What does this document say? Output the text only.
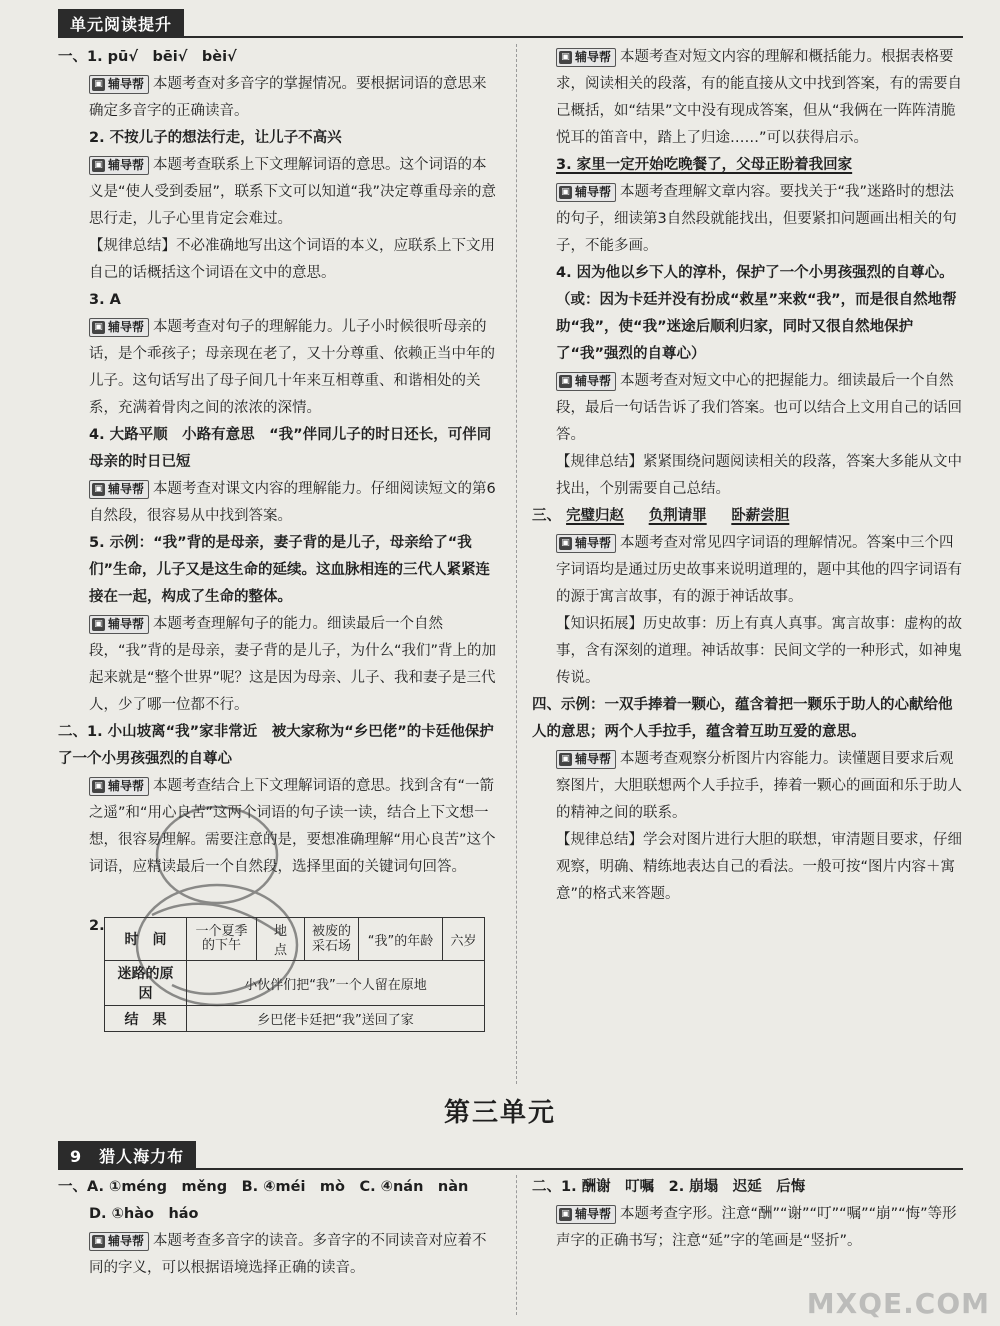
单元阅读提升

一、1. pū√　bēi√　bèi√

▣ 辅导帮 本题考查对多音字的掌握情况。要根据词语的意思来确定多音字的正确读音。

2. 不按儿子的想法行走，让儿子不高兴

▣ 辅导帮 本题考查联系上下文理解词语的意思。这个词语的本义是“使人受到委屈”，联系下文可以知道“我”决定尊重母亲的意思行走，儿子心里肯定会难过。

【规律总结】不必准确地写出这个词语的本义，应联系上下文用自己的话概括这个词语在文中的意思。

3. A

▣ 辅导帮 本题考查对句子的理解能力。儿子小时候很听母亲的话，是个乖孩子；母亲现在老了，又十分尊重、依赖正当中年的儿子。这句话写出了母子间几十年来互相尊重、和谐相处的关系，充满着骨肉之间的浓浓的深情。

4. 大路平顺　小路有意思　“我”伴同儿子的时日还长，可伴同母亲的时日已短

▣ 辅导帮 本题考查对课文内容的理解能力。仔细阅读短文的第6自然段，很容易从中找到答案。

5. 示例：“我”背的是母亲，妻子背的是儿子，母亲给了“我们”生命，儿子又是这生命的延续。这血脉相连的三代人紧紧连接在一起，构成了生命的整体。

▣ 辅导帮 本题考查理解句子的能力。细读最后一个自然段，“我”背的是母亲，妻子背的是儿子，为什么“我们”背上的加起来就是“整个世界”呢？这是因为母亲、儿子、我和妻子是三代人，少了哪一位都不行。

二、1. 小山坡离“我”家非常近　被大家称为“乡巴佬”的卡廷他保护了一个小男孩强烈的自尊心

▣ 辅导帮 本题考查结合上下文理解词语的意思。找到含有“一箭之遥”和“用心良苦”这两个词语的句子读一读，结合上下文想一想，很容易理解。需要注意的是，要想准确理解“用心良苦”这个词语，应精读最后一个自然段，选择里面的关键词句回答。

2.
时　间	一个夏季的下午	地　点	被废的采石场	“我”的年龄	六岁
迷路的原因	小伙伴们把“我”一个人留在原地				
结　果	乡巴佬卡廷把“我”送回了家				

▣ 辅导帮 本题考查对短文内容的理解和概括能力。根据表格要求，阅读相关的段落，有的能直接从文中找到答案，有的需要自己概括，如“结果”文中没有现成答案，但从“我俩在一阵阵清脆悦耳的笛音中，踏上了归途……”可以获得启示。

3. 家里一定开始吃晚餐了，父母正盼着我回家

▣ 辅导帮 本题考查理解文章内容。要找关于“我”迷路时的想法的句子，细读第3自然段就能找出，但要紧扣问题画出相关的句子，不能多画。

4. 因为他以乡下人的淳朴，保护了一个小男孩强烈的自尊心。（或：因为卡廷并没有扮成“救星”来救“我”，而是很自然地帮助“我”，使“我”迷途后顺利归家，同时又很自然地保护了“我”强烈的自尊心）

▣ 辅导帮 本题考查对短文中心的把握能力。细读最后一个自然段，最后一句话告诉了我们答案。也可以结合上文用自己的话回答。

【规律总结】紧紧围绕问题阅读相关的段落，答案大多能从文中找出，个别需要自己总结。

三、 完璧归赵 　 负荆请罪 　 卧薪尝胆

▣ 辅导帮 本题考查对常见四字词语的理解情况。答案中三个四字词语均是通过历史故事来说明道理的，题中其他的四字词语有的源于寓言故事，有的源于神话故事。

【知识拓展】历史故事：历上有真人真事。寓言故事：虚构的故事，含有深刻的道理。神话故事：民间文学的一种形式，如神鬼传说。

四、示例：一双手捧着一颗心，蕴含着把一颗乐于助人的心献给他人的意思；两个人手拉手，蕴含着互助互爱的意思。

▣ 辅导帮 本题考查观察分析图片内容能力。读懂题目要求后观察图片，大胆联想两个人手拉手，捧着一颗心的画面和乐于助人的精神之间的联系。

【规律总结】学会对图片进行大胆的联想，审清题目要求，仔细观察，明确、精练地表达自己的看法。一般可按“图片内容＋寓意”的格式来答题。

第三单元
9　猎人海力布

一、A. ①méng　měng　B. ④méi　mò　C. ④nán　nàn

D. ①hào　háo

▣ 辅导帮 本题考查多音字的读音。多音字的不同读音对应着不同的字义，可以根据语境选择正确的读音。

二、1. 酬谢　叮嘱　2. 崩塌　迟延　后悔

▣ 辅导帮 本题考查字形。注意“酬”“谢”“叮”“嘱”“崩”“悔”等形声字的正确书写；注意“延”字的笔画是“竖折”。

MXQE.COM
